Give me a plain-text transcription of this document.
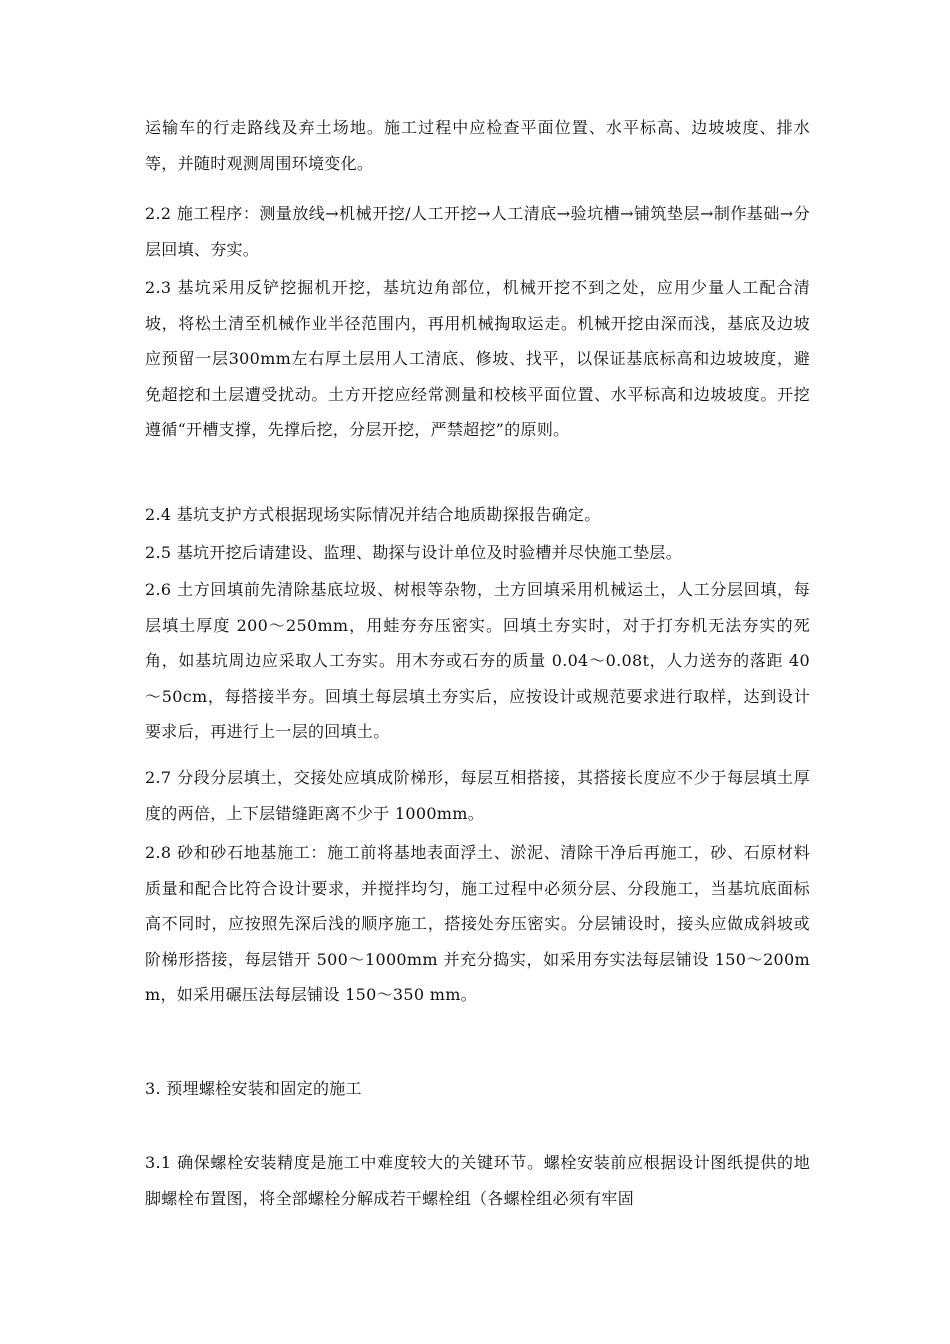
运输车的行走路线及弃土场地。施工过程中应检查平面位置、水平标高、边坡坡度、排水等，并随时观测周围环境变化。

2.2 施工程序：测量放线→机械开挖/人工开挖→人工清底→验坑槽→铺筑垫层→制作基础→分层回填、夯实。

2.3 基坑采用反铲挖掘机开挖，基坑边角部位，机械开挖不到之处，应用少量人工配合清坡，将松土清至机械作业半径范围内，再用机械掏取运走。机械开挖由深而浅，基底及边坡应预留一层300mm左右厚土层用人工清底、修坡、找平，以保证基底标高和边坡坡度，避免超挖和土层遭受扰动。土方开挖应经常测量和校核平面位置、水平标高和边坡坡度。开挖遵循“开槽支撑，先撑后挖，分层开挖，严禁超挖”的原则。

2.4 基坑支护方式根据现场实际情况并结合地质勘探报告确定。

2.5 基坑开挖后请建设、监理、勘探与设计单位及时验槽并尽快施工垫层。

2.6 土方回填前先清除基底垃圾、树根等杂物，土方回填采用机械运土，人工分层回填，每层填土厚度 200～250mm，用蛙夯夯压密实。回填土夯实时，对于打夯机无法夯实的死角，如基坑周边应采取人工夯实。用木夯或石夯的质量 0.04～0.08t，人力送夯的落距 40～50cm，每搭接半夯。回填土每层填土夯实后，应按设计或规范要求进行取样，达到设计要求后，再进行上一层的回填土。

2.7 分段分层填土，交接处应填成阶梯形，每层互相搭接，其搭接长度应不少于每层填土厚度的两倍，上下层错缝距离不少于 1000mm。

2.8 砂和砂石地基施工：施工前将基地表面浮土、淤泥、清除干净后再施工，砂、石原材料质量和配合比符合设计要求，并搅拌均匀，施工过程中必须分层、分段施工，当基坑底面标高不同时，应按照先深后浅的顺序施工，搭接处夯压密实。分层铺设时，接头应做成斜坡或阶梯形搭接，每层错开 500～1000mm 并充分捣实，如采用夯实法每层铺设 150～200mm，如采用碾压法每层铺设 150～350 mm。

3. 预埋螺栓安装和固定的施工

3.1 确保螺栓安装精度是施工中难度较大的关键环节。螺栓安装前应根据设计图纸提供的地脚螺栓布置图，将全部螺栓分解成若干螺栓组（各螺栓组必须有牢固
